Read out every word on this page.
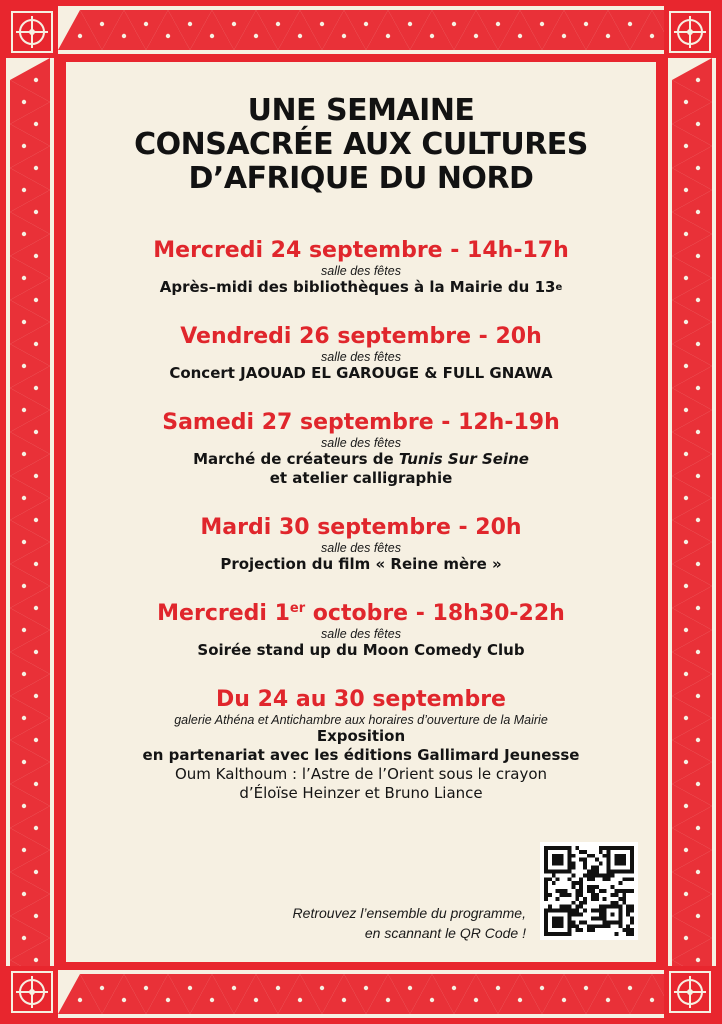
UNE SEMAINE
CONSACRÉE AUX CULTURES
D’AFRIQUE DU NORD
Mercredi 24 septembre - 14h-17h
salle des fêtes
Après–midi des bibliothèques à la Mairie du 13e
Vendredi 26 septembre - 20h
salle des fêtes
Concert JAOUAD EL GAROUGE & FULL GNAWA
Samedi 27 septembre - 12h-19h
salle des fêtes
Marché de créateurs de Tunis Sur Seine
et atelier calligraphie
Mardi 30 septembre - 20h
salle des fêtes
Projection du film « Reine mère »
Mercredi 1er octobre - 18h30-22h
salle des fêtes
Soirée stand up du Moon Comedy Club
Du 24 au 30 septembre
galerie Athéna et Antichambre aux horaires d’ouverture de la Mairie
Exposition
en partenariat avec les éditions Gallimard Jeunesse
Oum Kalthoum : l’Astre de l’Orient sous le crayon
d’Éloïse Heinzer et Bruno Liance
Retrouvez l’ensemble du programme,
en scannant le QR Code !
